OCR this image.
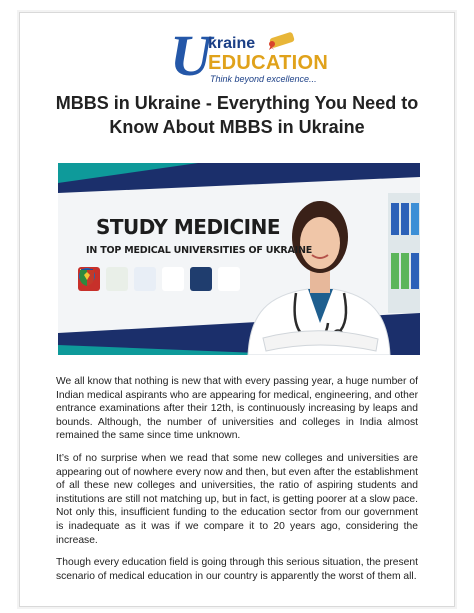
U
kraine
EDUCATION
Think beyond excellence...
MBBS in Ukraine - Everything You Need to Know About MBBS in Ukraine
STUDY MEDICINE
IN TOP MEDICAL UNIVERSITIES OF UKRAINE

We all know that nothing is new that with every passing year, a huge number of Indian medical aspirants who are appearing for medical, engineering, and other entrance examinations after their 12th, is continuously increasing by leaps and bounds. Although, the number of universities and colleges in India almost remained the same since time unknown.

It’s of no surprise when we read that some new colleges and universities are appearing out of nowhere every now and then, but even after the establishment of all these new colleges and universities, the ratio of aspiring students and institutions are still not matching up, but in fact, is getting poorer at a slow pace. Not only this, insufficient funding to the education sector from our government is inadequate as it was if we compare it to 20 years ago, considering the increase.

Though every education field is going through this serious situation, the present scenario of medical education in our country is apparently the worst of them all.
